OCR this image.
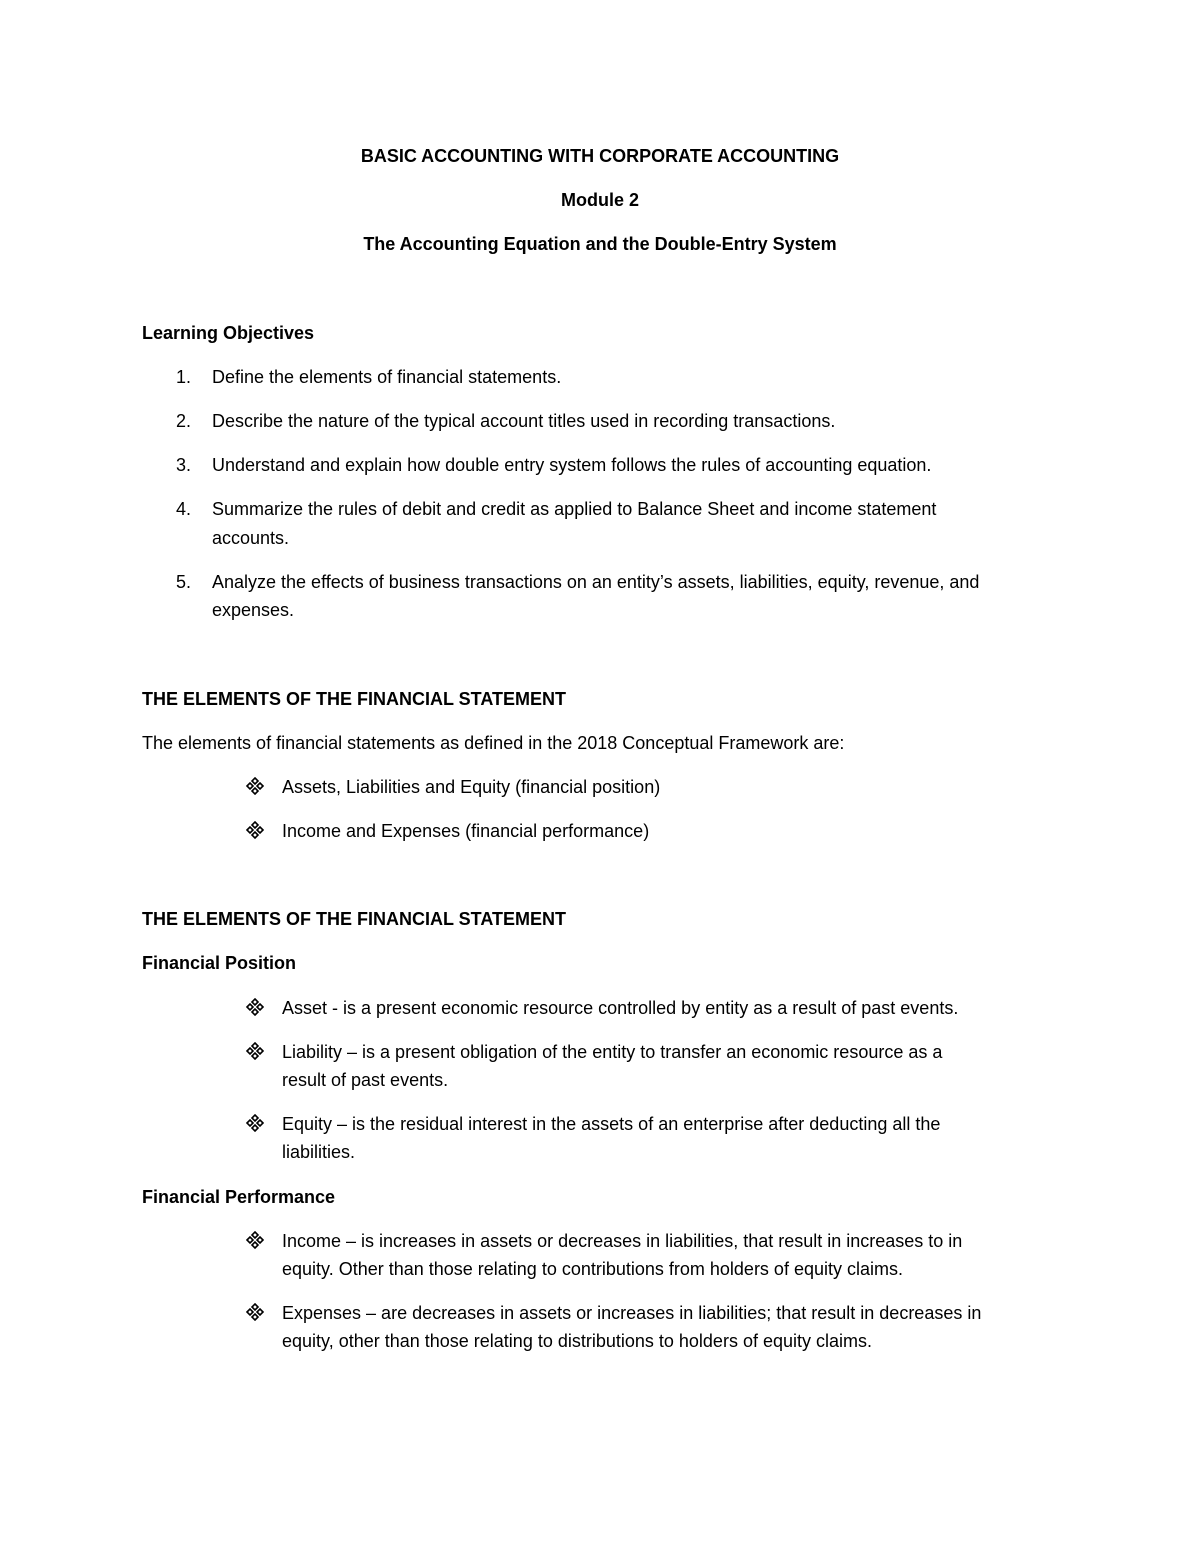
BASIC ACCOUNTING WITH CORPORATE ACCOUNTING
Module 2
The Accounting Equation and the Double-Entry System
Learning Objectives
1. Define the elements of financial statements.
2. Describe the nature of the typical account titles used in recording transactions.
3. Understand and explain how double entry system follows the rules of accounting equation.
4. Summarize the rules of debit and credit as applied to Balance Sheet and income statement
accounts.
5. Analyze the effects of business transactions on an entity’s assets, liabilities, equity, revenue, and
expenses.
THE ELEMENTS OF THE FINANCIAL STATEMENT
The elements of financial statements as defined in the 2018 Conceptual Framework are:
Assets, Liabilities and Equity (financial position)
Income and Expenses (financial performance)
THE ELEMENTS OF THE FINANCIAL STATEMENT
Financial Position
Asset - is a present economic resource controlled by entity as a result of past events.
Liability – is a present obligation of the entity to transfer an economic resource as a
result of past events.
Equity – is the residual interest in the assets of an enterprise after deducting all the
liabilities.
Financial Performance
Income – is increases in assets or decreases in liabilities, that result in increases to in
equity. Other than those relating to contributions from holders of equity claims.
Expenses – are decreases in assets or increases in liabilities; that result in decreases in
equity, other than those relating to distributions to holders of equity claims.
